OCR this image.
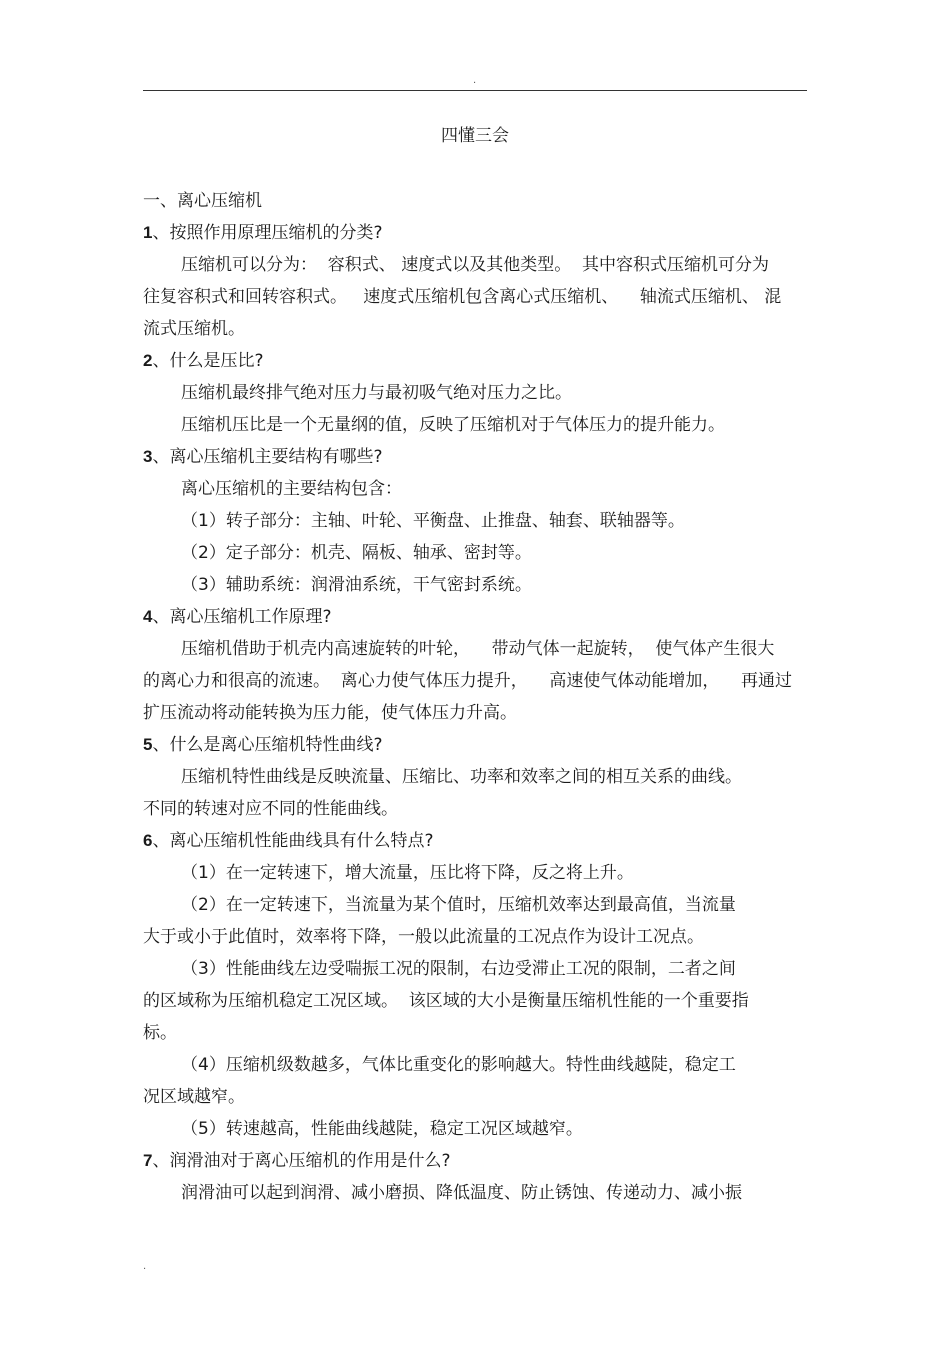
.
四懂三会
一、离心压缩机
1、按照作用原理压缩机的分类?
压缩机可以分为：  容积式、 速度式以及其他类型。  其中容积式压缩机可分为
往复容积式和回转容积式。   速度式压缩机包含离心式压缩机、    轴流式压缩机、 混
流式压缩机。
2、什么是压比?
压缩机最终排气绝对压力与最初吸气绝对压力之比。
压缩机压比是一个无量纲的值，反映了压缩机对于气体压力的提升能力。
3、离心压缩机主要结构有哪些?
离心压缩机的主要结构包含：
（1）转子部分：主轴、叶轮、平衡盘、止推盘、轴套、联轴器等。
（2）定子部分：机壳、隔板、轴承、密封等。
（3）辅助系统：润滑油系统，干气密封系统。
4、离心压缩机工作原理?
压缩机借助于机壳内高速旋转的叶轮，    带动气体一起旋转，  使气体产生很大
的离心力和很高的流速。  离心力使气体压力提升，    高速使气体动能增加，    再通过
扩压流动将动能转换为压力能，使气体压力升高。
5、什么是离心压缩机特性曲线?
压缩机特性曲线是反映流量、压缩比、功率和效率之间的相互关系的曲线。
不同的转速对应不同的性能曲线。
6、离心压缩机性能曲线具有什么特点?
（1）在一定转速下，增大流量，压比将下降，反之将上升。
（2）在一定转速下，当流量为某个值时，压缩机效率达到最高值，当流量
大于或小于此值时，效率将下降，一般以此流量的工况点作为设计工况点。
（3）性能曲线左边受喘振工况的限制，右边受滞止工况的限制，二者之间
的区域称为压缩机稳定工况区域。  该区域的大小是衡量压缩机性能的一个重要指
标。
（4）压缩机级数越多，气体比重变化的影响越大。特性曲线越陡，稳定工
况区域越窄。
（5）转速越高，性能曲线越陡，稳定工况区域越窄。
7、润滑油对于离心压缩机的作用是什么?
润滑油可以起到润滑、减小磨损、降低温度、防止锈蚀、传递动力、减小振
.
